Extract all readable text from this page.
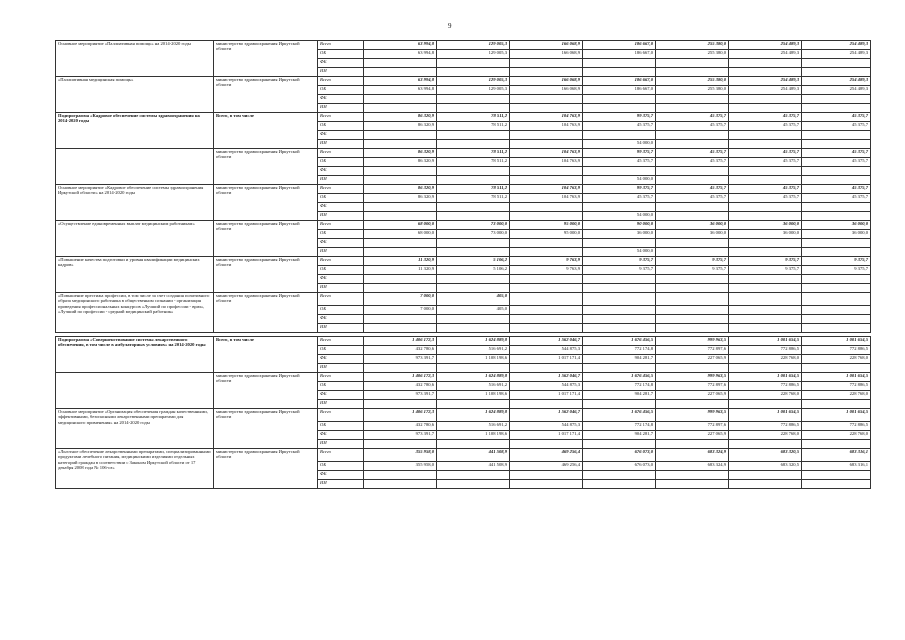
9
Основное мероприятие «Паллиативная помощь» на 2014-2020 годы	министерство здравоохранения Иркутской области	Всего	63 994,8	129 005,3	166 068,9	186 667,0	255 380,0	254 489,3	254 489,3
		ОБ	63 994,8	129 005,3	166 068,9	186 667,0	255 380,0	254 489,3	254 489,3
		ФБ							
		ИИ							
«Паллиативная медицинская помощь»	министерство здравоохранения Иркутской области	Всего	63 994,8	129 005,3	166 068,9	186 667,0	255 380,0	254 489,3	254 489,3
		ОБ	63 994,8	129 005,3	166 068,9	186 667,0	255 380,0	254 489,3	254 489,3
		ФБ							
		ИИ							
Подпрограмма «Кадровое обеспечение системы здравоохранения на 2014-2020 годы	Всего, в том числе	Всего	86 320,9	78 511,2	104 763,9	99 375,7	45 375,7	45 375,7	45 375,7
		ОБ	86 320,9	78 511,2	104 763,9	45 375,7	45 375,7	45 375,7	45 375,7
		ФБ							
		ИИ				54 000,0			
	министерство здравоохранения Иркутской области	Всего	86 320,9	78 511,2	104 763,9	99 375,7	45 375,7	45 375,7	45 375,7
		ОБ	86 320,9	78 511,2	104 763,9	45 375,7	45 375,7	45 375,7	45 375,7
		ФБ							
		ИИ				54 000,0			
Основное мероприятие «Кадровое обеспечение системы здравоохранения Иркутской области» на 2014-2020 годы	министерство здравоохранения Иркутской области	Всего	86 320,9	78 511,2	104 763,9	99 375,7	45 375,7	45 375,7	45 375,7
		ОБ	86 320,9	78 511,2	104 763,9	45 375,7	45 375,7	45 375,7	45 375,7
		ФБ							
		ИИ				54 000,0			
«Осуществление единовременных выплат медицинским работникам»	министерство здравоохранения Иркутской области	Всего	68 000,0	73 000,0	95 000,0	90 000,0	36 000,0	36 000,0	36 000,0
		ОБ	68 000,0	73 000,0	95 000,0	36 000,0	36 000,0	36 000,0	36 000,0
		ФБ							
		ИИ				54 000,0			
«Повышение качества подготовки и уровня квалификации медицинских кадров»	министерство здравоохранения Иркутской области	Всего	11 320,9	5 106,2	9 763,9	9 375,7	9 375,7	9 375,7	9 375,7
		ОБ	11 320,9	5 106,2	9 763,9	9 375,7	9 375,7	9 375,7	9 375,7
		ФБ							
		ИИ							
«Повышение престижа профессии, в том числе за счет создания позитивного образа медицинского работника в общественном сознании - организация проведения профессиональных конкурсов «Лучший по профессии - врач», «Лучший по профессии - средний медицинский работник»	министерство здравоохранения Иркутской области	Всего	7 000,0	405,0					
		ОБ	7 000,0	405,0					
		ФБ							
		ИИ							

Подпрограмма «Совершенствование системы лекарственного обеспечения, в том числе в амбулаторных условиях» на 2014-2020 годы	Всего, в том числе	Всего	1 406 172,3	1 624 889,8	1 562 046,7	1 676 456,5	999 963,5	1 001 654,5	1 001 654,5
		ОБ	432 780,6	516 691,2	544 875,3	772 174,8	772 897,6	772 886,5	772 886,5
		ФБ	973 391,7	1 108 198,6	1 017 171,4	904 281,7	227 065,9	228 768,0	228 768,0
		ИИ							
	министерство здравоохранения Иркутской области	Всего	1 406 172,3	1 624 889,8	1 562 046,7	1 676 456,5	999 963,5	1 001 654,5	1 001 654,5
		ОБ	432 780,6	516 691,2	544 875,3	772 174,8	772 897,6	772 886,5	772 886,5
		ФБ	973 391,7	1 108 198,6	1 017 171,4	904 281,7	227 065,9	228 768,0	228 768,0
		ИИ							
Основное мероприятие «Организация обеспечения граждан качественными, эффективными, безопасными лекарственными препаратами для медицинского применения» на 2014-2020 годы	министерство здравоохранения Иркутской области	Всего	1 406 172,3	1 624 889,8	1 562 046,7	1 676 456,5	999 963,5	1 001 654,5	1 001 654,5
		ОБ	432 780,6	516 691,2	544 875,3	772 174,8	772 897,6	772 886,5	772 886,5
		ФБ	973 391,7	1 108 198,6	1 017 171,4	904 281,7	227 065,9	228 768,0	228 768,0
		ИИ							
«Льготное обеспечение лекарственными препаратами, специализированными продуктами лечебного питания, медицинскими изделиями отдельных категорий граждан в соответствии с Законом Иркутской области от 17 декабря 2008 года № 106-оз»	министерство здравоохранения Иркутской области	Всего	355 958,0	441 508,9	469 256,4	676 073,0	683 324,9	683 320,5	683 316,1
		ОБ	355 958,0	441 508,9	469 256,4	676 073,0	683 324,9	683 320,5	683 316,1
		ФБ							
		ИИ							
